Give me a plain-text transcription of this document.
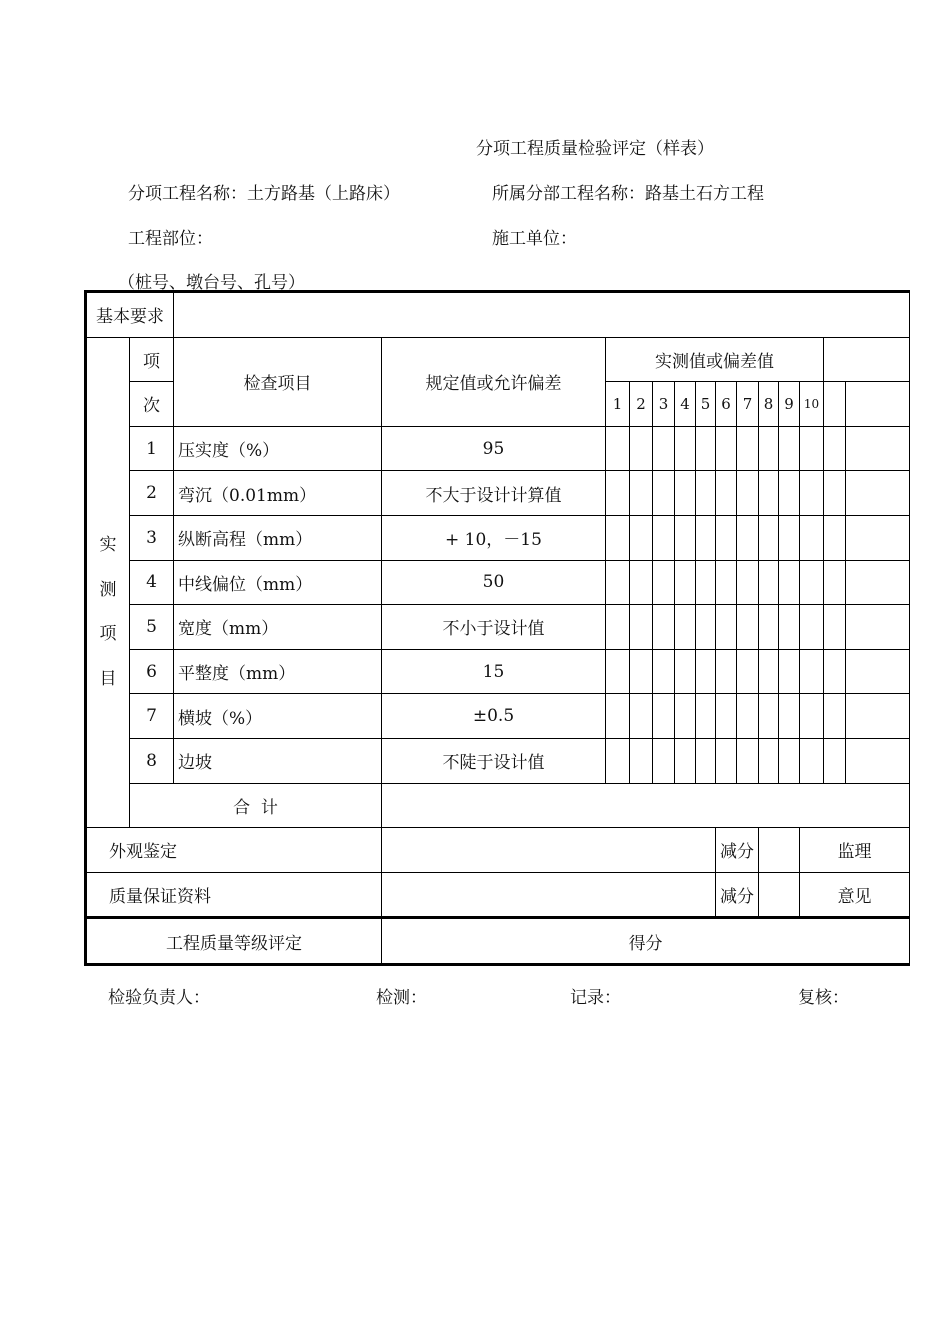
分项工程质量检验评定（样表）
分项工程名称：土方路基（上路床）	所属分部工程名称：路基土石方工程
工程部位：	施工单位：
（桩号、墩台号、孔号）
基本要求															

实
测
项
目	项	检查项目	规定值或允许偏差	实测值或偏差值											
	次			1	2	3	4	5	6	7	8	9	10		
	1	压实度（%）	95												
	2	弯沉（0.01mm）	不大于设计计算值												
	3	纵断高程（mm）	+ 10，－15												
	4	中线偏位（mm）	50												
	5	宽度（mm）	不小于设计值												
	6	平整度（mm）	15												
	7	横坡（%）	±0.5												
	8	边坡	不陡于设计值												
	合  计														
外观鉴定									减分				监理		
质量保证资料									减分				意见		
工程质量等级评定			得分												
检验负责人：	检测：	记录：	复核：
